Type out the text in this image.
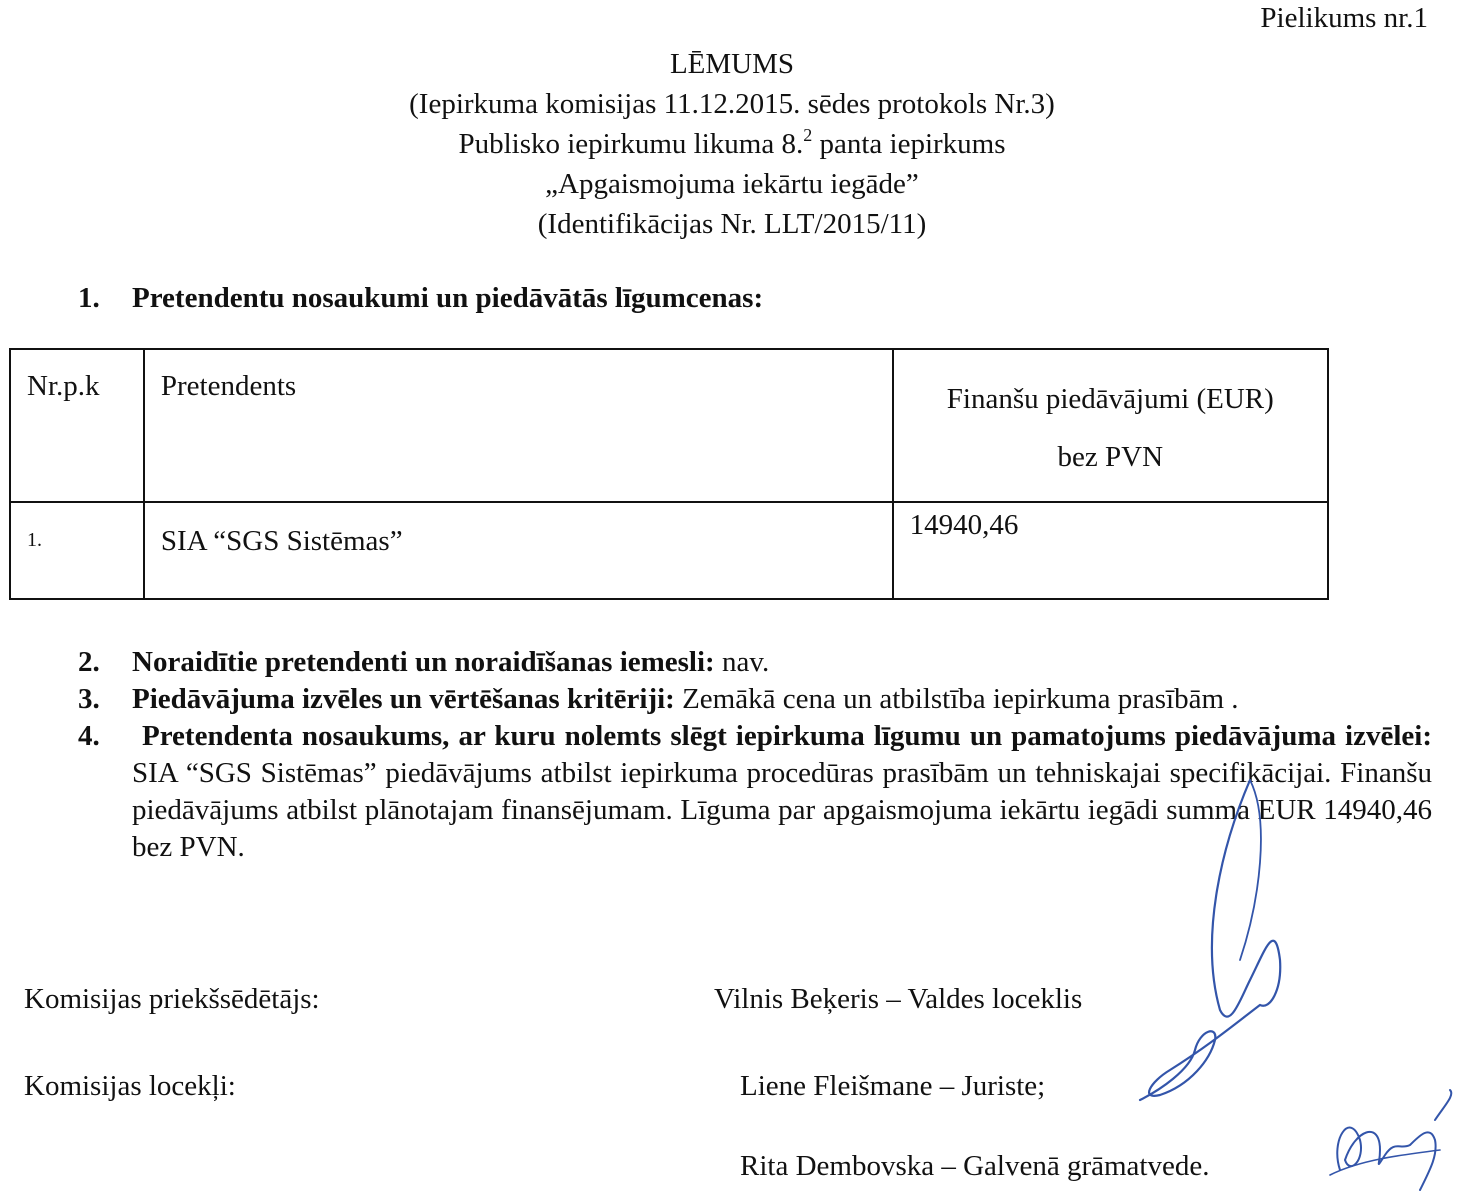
Pielikums nr.1
LĒMUMS
(Iepirkuma komisijas 11.12.2015. sēdes protokols Nr.3)
Publisko iepirkumu likuma 8.$^2$ panta iepirkums
„Apgaismojuma iekārtu iegāde”
(Identifikācijas Nr. LLT/2015/11)
1. Pretendentu nosaukumi un piedāvātās līgumcenas:
Nr.p.k	Pretendents	Finanšu piedāvājumi (EUR)
bez PVN

1.	SIA “SGS Sistēmas”	14940,46
2. Noraidītie pretendenti un noraidīšanas iemesli: nav.
3. Piedāvājuma izvēles un vērtēšanas kritēriji: Zemākā cena un atbilstība iepirkuma prasībām .
4. Pretendenta nosaukums, ar kuru nolemts slēgt iepirkuma līgumu un pamatojums piedāvājuma izvēlei: SIA “SGS Sistēmas” piedāvājums atbilst iepirkuma procedūras prasībām un tehniskajai specifikācijai. Finanšu piedāvājums atbilst plānotajam finansējumam. Līguma par apgaismojuma iekārtu iegādi summa EUR 14940,46 bez PVN.
Komisijas priekšsēdētājs:	Vilnis Beķeris – Valdes loceklis
Komisijas locekļi:	Liene Fleišmane – Juriste;
Rita Dembovska – Galvenā grāmatvede.
